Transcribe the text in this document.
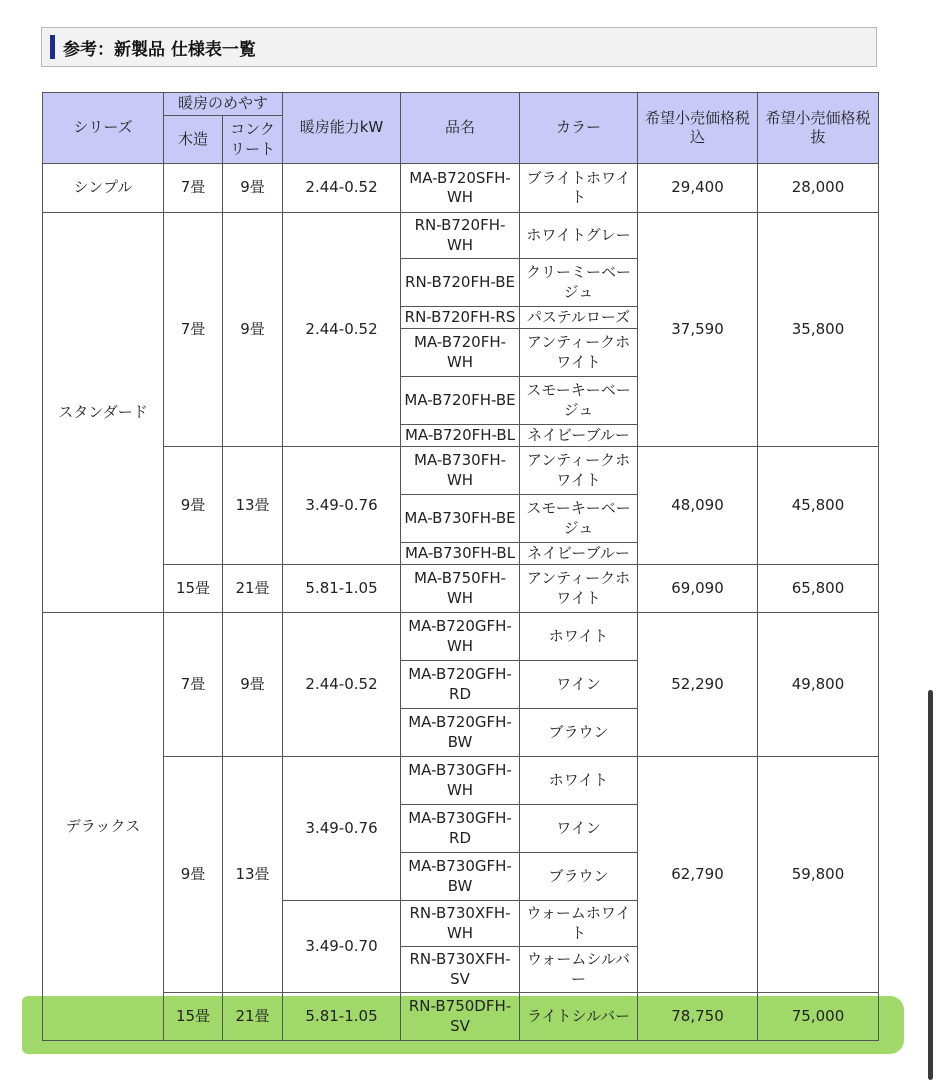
参考：新製品 仕様表一覧
シリーズ	暖房のめやす		暖房能力kW	品名	カラー	希望小売価格税込	希望小売価格税抜
	木造	コンクリート					
シンプル	7畳	9畳	2.44-0.52	MA-B720SFH-WH	ブライトホワイト	29,400	28,000
スタンダード	7畳	9畳	2.44-0.52	RN-B720FH-WH	ホワイトグレー	37,590	35,800
				RN-B720FH-BE	クリーミーベージュ		
				RN-B720FH-RS	パステルローズ		
				MA-B720FH-WH	アンティークホワイト		
				MA-B720FH-BE	スモーキーベージュ		
				MA-B720FH-BL	ネイビーブルー		
	9畳	13畳	3.49-0.76	MA-B730FH-WH	アンティークホワイト	48,090	45,800
				MA-B730FH-BE	スモーキーベージュ		
				MA-B730FH-BL	ネイビーブルー		
	15畳	21畳	5.81-1.05	MA-B750FH-WH	アンティークホワイト	69,090	65,800
デラックス	7畳	9畳	2.44-0.52	MA-B720GFH-WH	ホワイト	52,290	49,800
				MA-B720GFH-RD	ワイン		
				MA-B720GFH-BW	ブラウン		
	9畳	13畳	3.49-0.76	MA-B730GFH-WH	ホワイト	62,790	59,800
				MA-B730GFH-RD	ワイン		
				MA-B730GFH-BW	ブラウン		
			3.49-0.70	RN-B730XFH-WH	ウォームホワイト		
				RN-B730XFH-SV	ウォームシルバー		
	15畳	21畳	5.81-1.05	RN-B750DFH-SV	ライトシルバー	78,750	75,000
